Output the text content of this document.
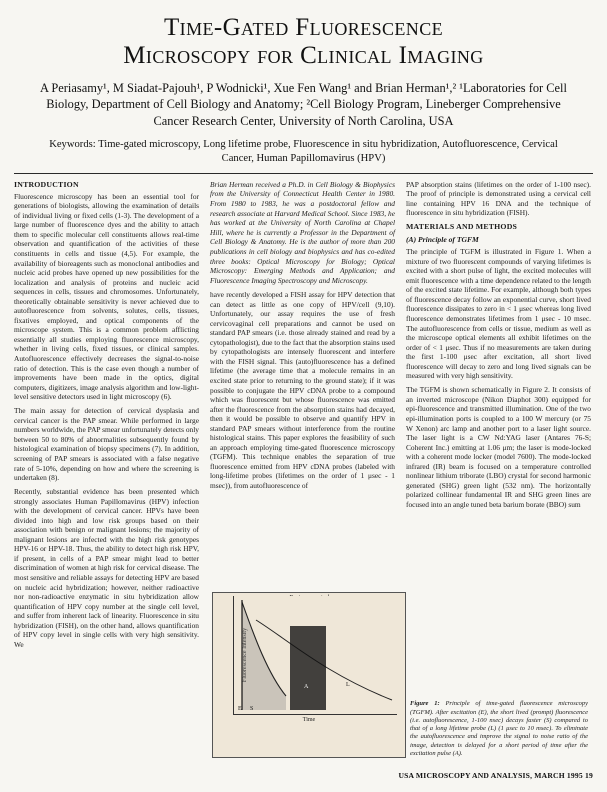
Time-Gated Fluorescence
Microscopy for Clinical Imaging
A Periasamy¹, M Siadat-Pajouh¹, P Wodnicki¹, Xue Fen Wang¹ and Brian Herman¹,² ¹Laboratories for Cell Biology, Department of Cell Biology and Anatomy; ²Cell Biology Program, Lineberger Comprehensive Cancer Research Center, University of North Carolina, USA
Keywords: Time-gated microscopy, Long lifetime probe, Fluorescence in situ hybridization, Autofluorescence, Cervical Cancer, Human Papillomavirus (HPV)
INTRODUCTION

Fluorescence microscopy has been an essential tool for generations of biologists, allowing the examination of details of individual living or fixed cells (1-3). The development of a large number of fluorescence dyes and the ability to attach them to specific molecular cell constituents allows real-time observation and quantification of the activities of these constituents in cells and tissue (4,5). For example, the availability of bioreagents such as monoclonal antibodies and nucleic acid probes have opened up new possibilities for the localization and analysis of proteins and nucleic acid sequences in cells, tissues and chromosomes. Unfortunately, theoretically obtainable sensitivity is never achieved due to autofluorescence from solvents, solutes, cells, tissues, fixatives employed, and optical components of the microscope system. This is a common problem afflicting essentially all studies employing fluorescence microscopy, whether in living cells, fixed tissues, or clinical samples. Autofluorescence effectively decreases the signal-to-noise ratio of detection. This is the case even though a number of improvements have been made in the optics, digital computers, digitizers, image analysis algorithm and low-light-level sensitive detectors used in light microscopy (6).

The main assay for detection of cervical dysplasia and cervical cancer is the PAP smear. While performed in large numbers worldwide, the PAP smear unfortunately detects only between 50 to 80% of abnormalities subsequently found by histological examination of biopsy specimens (7). In addition, screening of PAP smears is associated with a false negative rate of 5-10%, depending on how and where the screening is undertaken (8).

Recently, substantial evidence has been presented which strongly associates Human Papillomavirus (HPV) infection with the development of cervical cancer. HPVs have been divided into high and low risk groups based on their association with benign or malignant lesions; the majority of malignant lesions are infected with the high risk genotypes HPV-16 or HPV-18. Thus, the ability to detect high risk HPV, if present, in cells of a PAP smear might lead to better discrimination of women at high risk for cervical disease. The most sensitive and reliable assays for detecting HPV are based on nucleic acid hybridization; however, neither radioactive nor non-radioactive enzymatic in situ hybridization allow quantification of HPV copy number at the single cell level, and suffer from inherent lack of linearity. Fluorescence in situ hybridization (FISH), on the other hand, allows quantification of HPV copy level in single cells with very high sensitivity. We

Brian Herman received a Ph.D. in Cell Biology & Biophysics from the University of Connecticut Health Center in 1980. From 1980 to 1983, he was a postdoctoral fellow and research associate at Harvard Medical School. Since 1983, he has worked at the University of North Carolina at Chapel Hill, where he is currently a Professor in the Department of Cell Biology & Anatomy. He is the author of more than 200 publications in cell biology and biophysics and has co-edited three books: Optical Microscopy for Biology; Optical Microscopy: Emerging Methods and Application; and Fluorescence Imaging Spectroscopy and Microscopy.

have recently developed a FISH assay for HPV detection that can detect as little as one copy of HPV/cell (9,10). Unfortunately, our assay requires the use of fresh cervicovaginal cell preparations and cannot be used on standard PAP smears (i.e. those already stained and read by a cytopathologist), due to the fact that the absorption stains used by cytopathologists are intensely fluorescent and interfere with the FISH signal. This (auto)fluorescence has a defined lifetime (the average time that a molecule remains in an excited state prior to returning to the ground state); if it was possible to conjugate the HPV cDNA probe to a compound which was fluorescent but whose fluorescence was emitted after the fluorescence from the absorption stains had decayed, then it would be possible to observe and quantify HPV in standard PAP smears without interference from the routine histological stains. This paper explores the feasibility of such an approach employing time-gated fluorescence microscopy (TGFM). This technique enables the separation of true fluorescence emitted from HPV cDNA probes (labeled with long-lifetime probes (lifetimes on the order of 1 μsec - 1 msec)), from autofluorescence of

PAP absorption stains (lifetimes on the order of 1-100 nsec). The proof of principle is demonstrated using a cervical cell line containing HPV 16 DNA and the technique of fluorescence in situ hybridization (FISH).

MATERIALS AND METHODS
(A) Principle of TGFM

The principle of TGFM is illustrated in Figure 1. When a mixture of two fluorescent compounds of varying lifetimes is excited with a short pulse of light, the excited molecules will emit fluorescence with a time dependence related to the length of the excited state lifetime. For example, although both types of fluorescence decay follow an exponential curve, short lived fluorescence dissipates to zero in < 1 μsec whereas long lived fluorescence demonstrates lifetimes from 1 μsec - 10 msec. The autofluorescence from cells or tissue, medium as well as the microscope optical elements all exhibit lifetimes on the order of < 1 μsec. Thus if no measurements are taken during the first 1-100 μsec after excitation, all short lived fluorescence will decay to zero and long lived signals can be measured with very high sensitivity.

The TGFM is shown schematically in Figure 2. It consists of an inverted microscope (Nikon Diaphot 300) equipped for epi-fluorescence and transmitted illumination. One of the two epi-illumination ports is coupled to a 100 W mercury (or 75 W Xenon) arc lamp and another port to a laser light source. The laser light is a CW Nd:YAG laser (Antares 76-S; Coherent Inc.) emitting at 1.06 μm; the laser is mode-locked with a coherent mode locker (model 7600). The mode-locked infrared (IR) beam is focused on a temperature controlled nonlinear lithium triborate (LBO) crystal for second harmonic generated (SHG) green light (532 nm). The horizontally polarized collinear fundamental IR and SHG green lines are focused into an angle tuned beta barium borate (BBO) sum

Fluorescence Intensity
E S
A	L
Time
Figure 1: Principle of time-gated fluorescence microscopy (TGFM). After excitation (E), the short lived (prompt) fluorescence (i.e. autofluorescence, 1-100 nsec) decays faster (S) compared to that of a long lifetime probe (L) (1 μsec to 10 msec). To eliminate the autofluorescence and improve the signal to noise ratio of the image, detection is delayed for a short period of time after the excitation pulse (A).
USA MICROSCOPY AND ANALYSIS, MARCH 1995 19
